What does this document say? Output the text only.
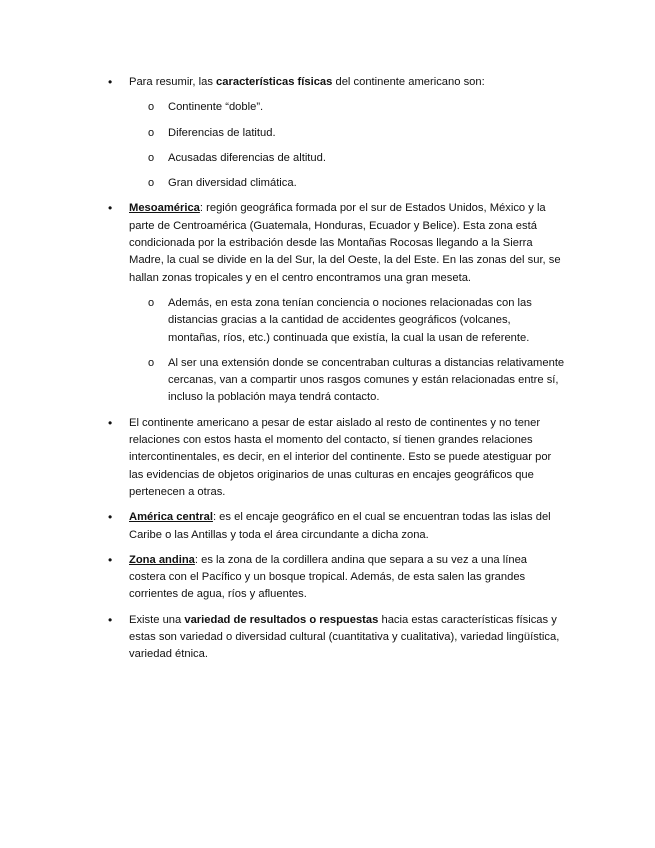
•	Para resumir, las características físicas del continente americano son:
o Continente “doble”.
o Diferencias de latitud.
o Acusadas diferencias de altitud.
o Gran diversidad climática.
•	Mesoamérica: región geográfica formada por el sur de Estados Unidos, México y la parte de Centroamérica (Guatemala, Honduras, Ecuador y Belice). Esta zona está condicionada por la estribación desde las Montañas Rocosas llegando a la Sierra Madre, la cual se divide en la del Sur, la del Oeste, la del Este. En las zonas del sur, se hallan zonas tropicales y en el centro encontramos una gran meseta.
o Además, en esta zona tenían conciencia o nociones relacionadas con las distancias gracias a la cantidad de accidentes geográficos (volcanes, montañas, ríos, etc.) continuada que existía, la cual la usan de referente.
o Al ser una extensión donde se concentraban culturas a distancias relativamente cercanas, van a compartir unos rasgos comunes y están relacionadas entre sí, incluso la población maya tendrá contacto.
•	El continente americano a pesar de estar aislado al resto de continentes y no tener relaciones con estos hasta el momento del contacto, sí tienen grandes relaciones intercontinentales, es decir, en el interior del continente. Esto se puede atestiguar por las evidencias de objetos originarios de unas culturas en encajes geográficos que pertenecen a otras.
•	América central: es el encaje geográfico en el cual se encuentran todas las islas del Caribe o las Antillas y toda el área circundante a dicha zona.
•	Zona andina: es la zona de la cordillera andina que separa a su vez a una línea costera con el Pacífico y un bosque tropical. Además, de esta salen las grandes corrientes de agua, ríos y afluentes.
•	Existe una variedad de resultados o respuestas hacia estas características físicas y estas son variedad o diversidad cultural (cuantitativa y cualitativa), variedad lingüística, variedad étnica.
